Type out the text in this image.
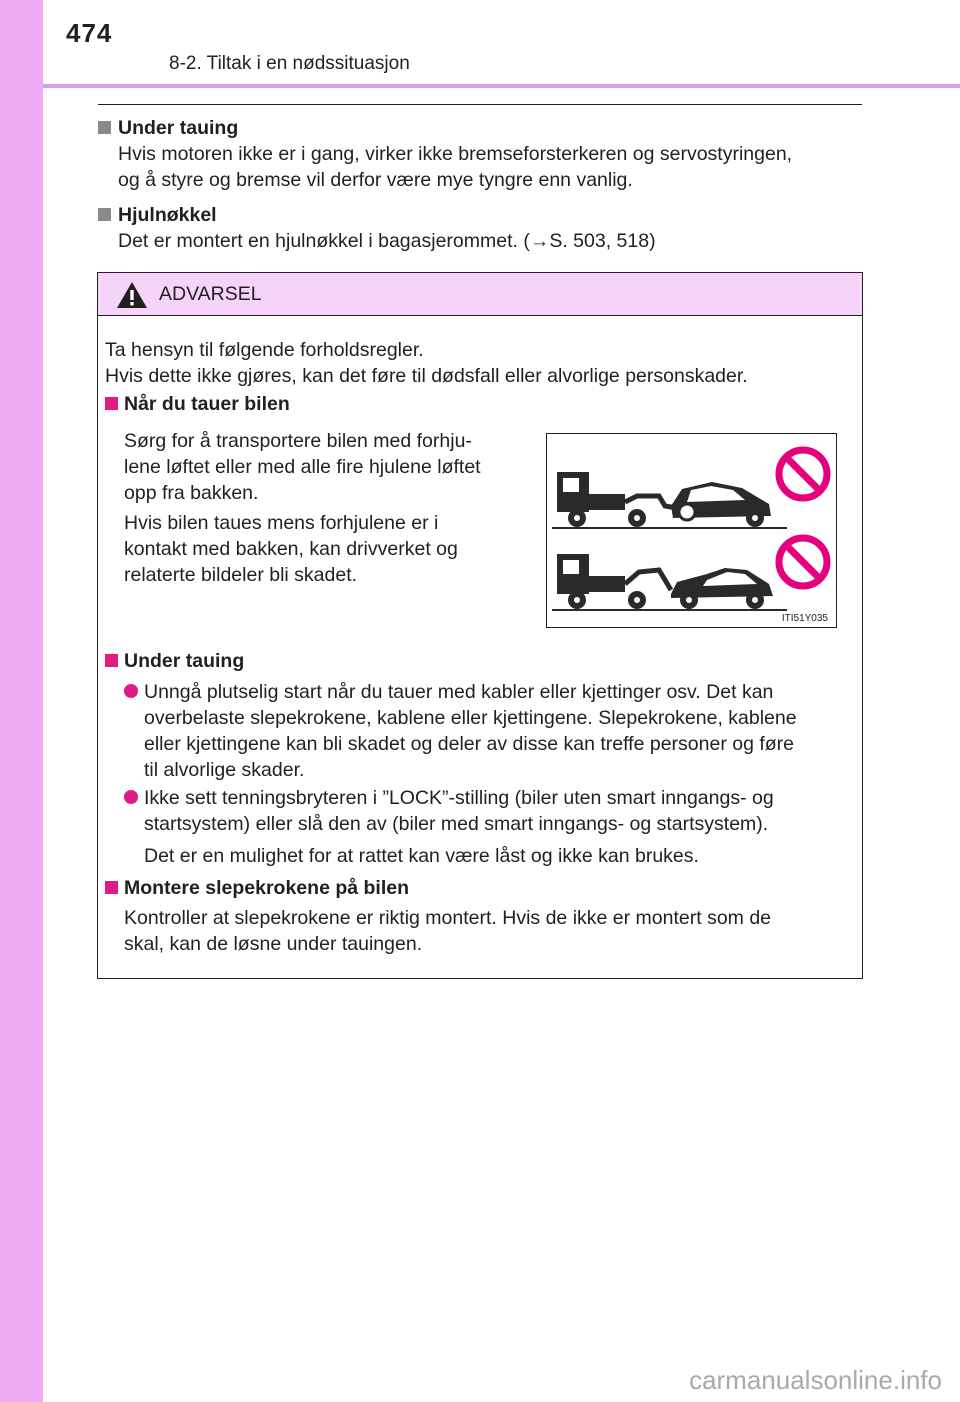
474
8-2. Tiltak i en nødssituasjon
Under tauing
Hvis motoren ikke er i gang, virker ikke bremseforsterkeren og servostyringen,
og å styre og bremse vil derfor være mye tyngre enn vanlig.
Hjulnøkkel
Det er montert en hjulnøkkel i bagasjerommet. (→S. 503, 518)
ADVARSEL
Ta hensyn til følgende forholdsregler.
Hvis dette ikke gjøres, kan det føre til dødsfall eller alvorlige personskader.
Når du tauer bilen
Sørg for å transportere bilen med forhju-
lene løftet eller med alle fire hjulene løftet
opp fra bakken.
Hvis bilen taues mens forhjulene er i
kontakt med bakken, kan drivverket og
relaterte bildeler bli skadet.
ITI51Y035
Under tauing
Unngå plutselig start når du tauer med kabler eller kjettinger osv. Det kan
overbelaste slepekrokene, kablene eller kjettingene. Slepekrokene, kablene
eller kjettingene kan bli skadet og deler av disse kan treffe personer og føre
til alvorlige skader.
Ikke sett tenningsbryteren i ”LOCK”-stilling (biler uten smart inngangs- og
startsystem) eller slå den av (biler med smart inngangs- og startsystem).
Det er en mulighet for at rattet kan være låst og ikke kan brukes.
Montere slepekrokene på bilen
Kontroller at slepekrokene er riktig montert. Hvis de ikke er montert som de
skal, kan de løsne under tauingen.
carmanualsonline.info
